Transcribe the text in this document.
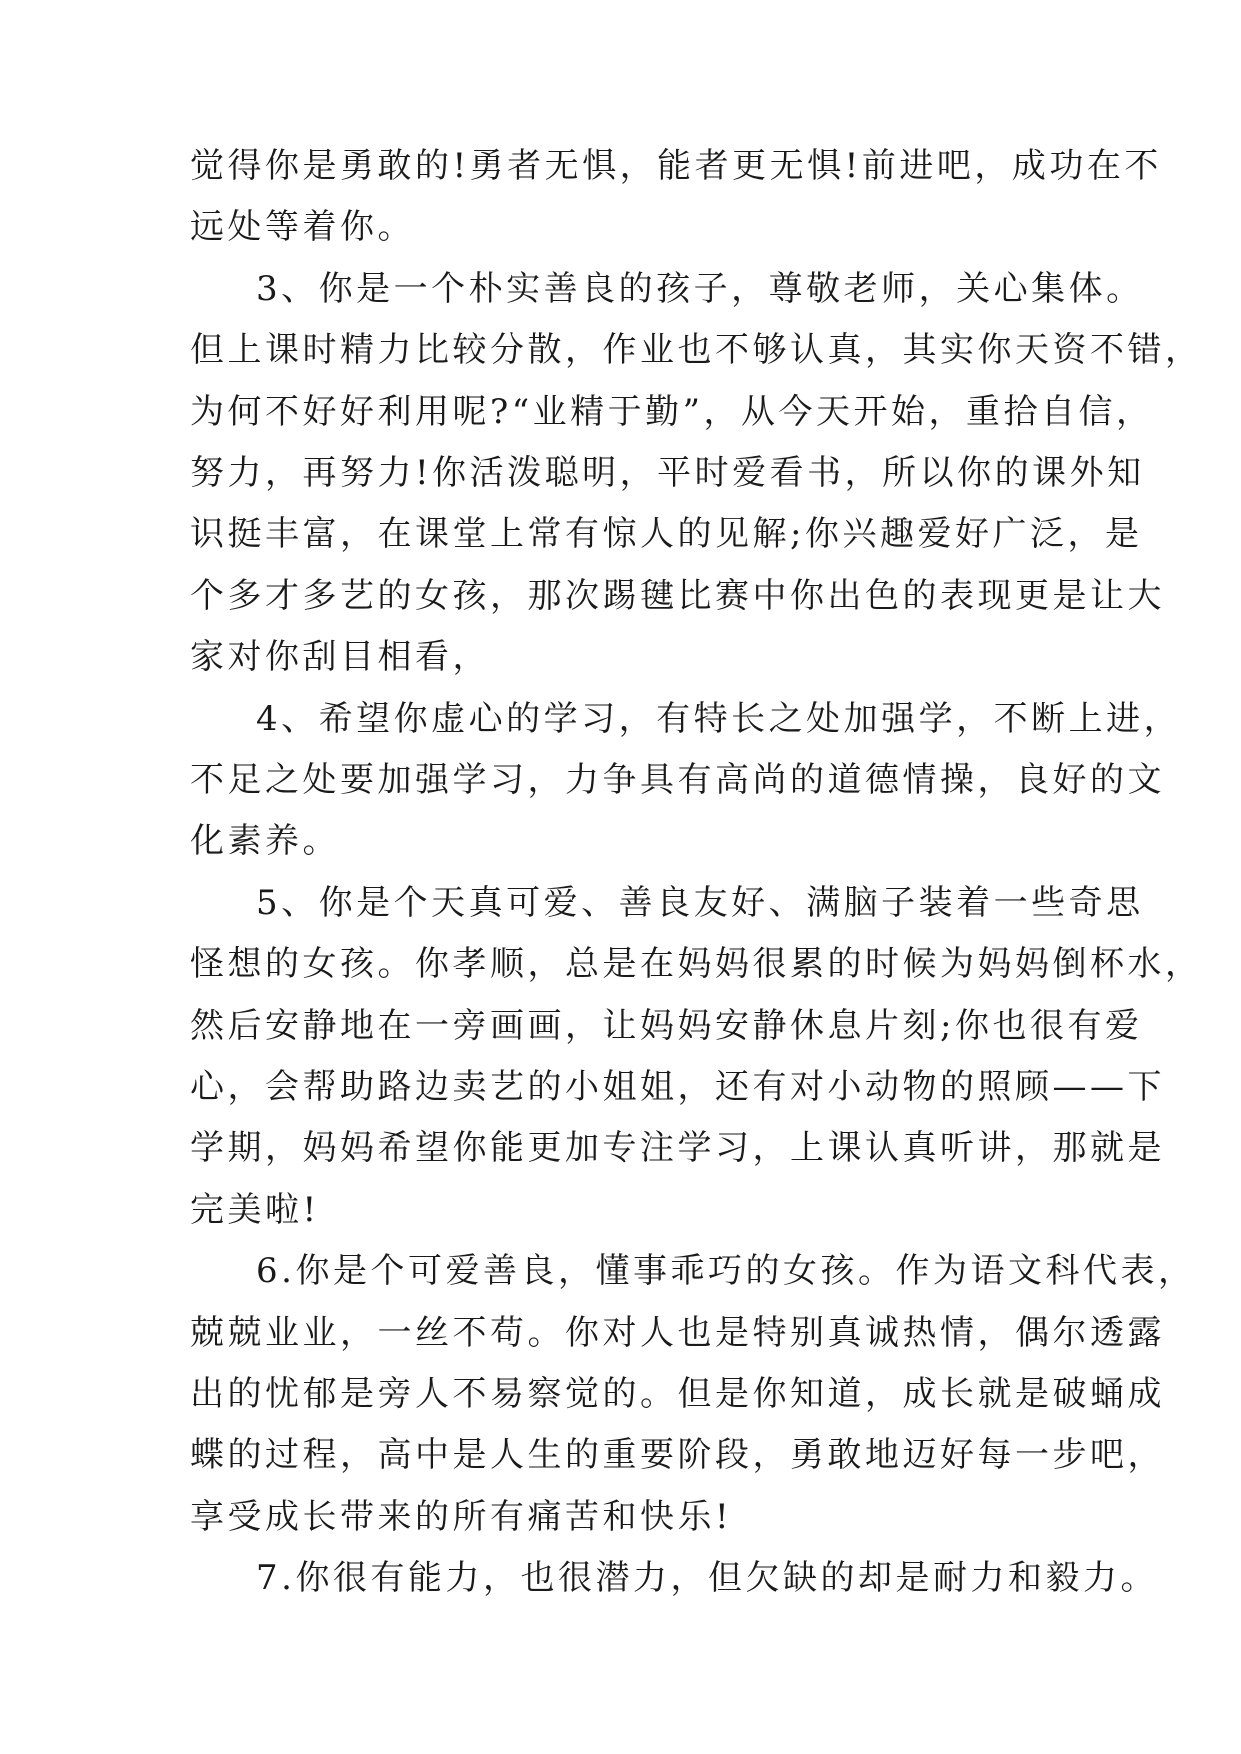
觉得你是勇敢的!勇者无惧，能者更无惧!前进吧，成功在不
远处等着你。
3、你是一个朴实善良的孩子，尊敬老师，关心集体。
但上课时精力比较分散，作业也不够认真，其实你天资不错，
为何不好好利用呢?“业精于勤”，从今天开始，重拾自信，
努力，再努力!你活泼聪明，平时爱看书，所以你的课外知
识挺丰富，在课堂上常有惊人的见解;你兴趣爱好广泛，是
个多才多艺的女孩，那次踢毽比赛中你出色的表现更是让大
家对你刮目相看，
4、希望你虚心的学习，有特长之处加强学，不断上进，
不足之处要加强学习，力争具有高尚的道德情操，良好的文
化素养。
5、你是个天真可爱、善良友好、满脑子装着一些奇思
怪想的女孩。你孝顺，总是在妈妈很累的时候为妈妈倒杯水，
然后安静地在一旁画画，让妈妈安静休息片刻;你也很有爱
心，会帮助路边卖艺的小姐姐，还有对小动物的照顾——下
学期，妈妈希望你能更加专注学习，上课认真听讲，那就是
完美啦!
6.你是个可爱善良，懂事乖巧的女孩。作为语文科代表，
兢兢业业，一丝不苟。你对人也是特别真诚热情，偶尔透露
出的忧郁是旁人不易察觉的。但是你知道，成长就是破蛹成
蝶的过程，高中是人生的重要阶段，勇敢地迈好每一步吧，
享受成长带来的所有痛苦和快乐!
7.你很有能力，也很潜力，但欠缺的却是耐力和毅力。
